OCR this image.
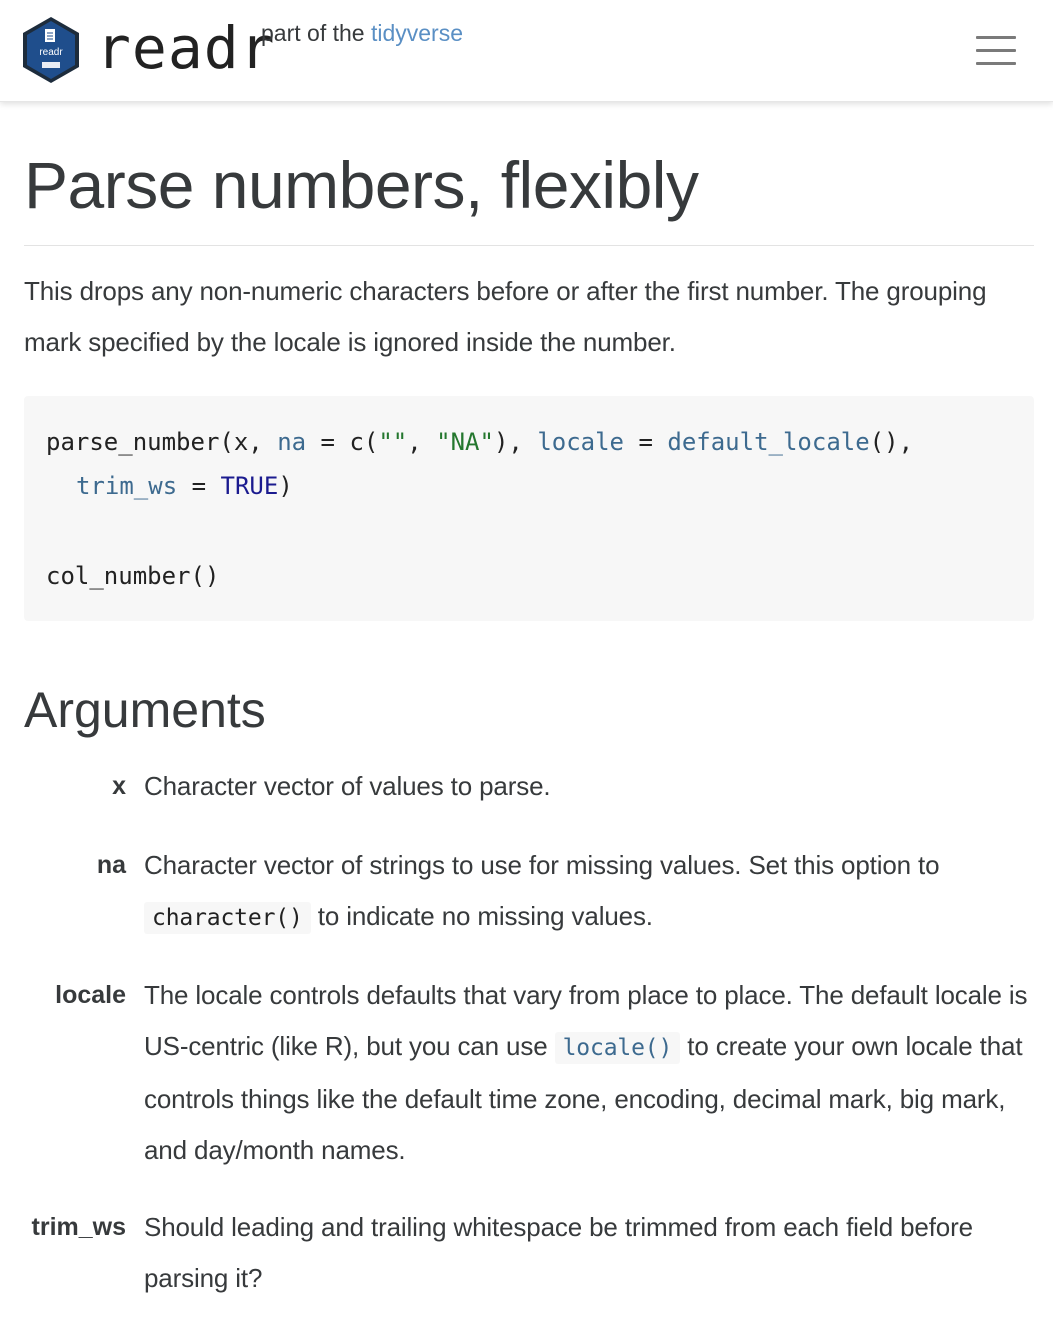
readr readr
part of the tidyverse
Parse numbers, flexibly

This drops any non-numeric characters before or after the first number. The grouping mark specified by the locale is ignored inside the number.

parse_number(x, na = c("", "NA"), locale = default_locale(),
trim_ws = TRUE)
col_number()
Arguments
x Character vector of values to parse.

na Character vector of strings to use for missing values. Set this option to
character() to indicate no missing values.

locale The locale controls defaults that vary from place to place. The default locale is US-centric (like R), but you can use locale() to create your own locale that controls things like the default time zone, encoding, decimal mark, big mark, and day/month names.

trim_ws Should leading and trailing whitespace be trimmed from each field before parsing it?
